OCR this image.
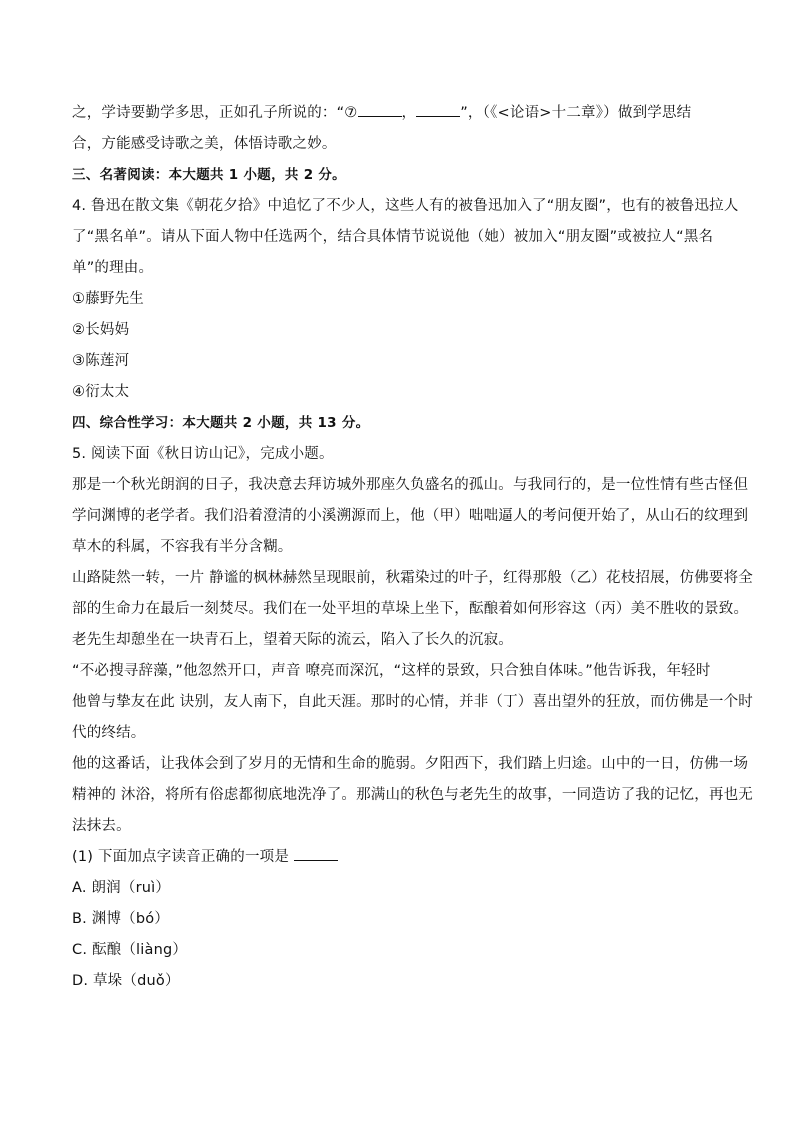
之，学诗要勤学多思，正如孔子所说的：“⑦	，	”，（《<论语>十二章》）做到学思结

合，方能感受诗歌之美，体悟诗歌之妙。

三、名著阅读：本大题共 1 小题，共 2 分。

4. 鲁迅在散文集《朝花夕拾》中追忆了不少人，这些人有的被鲁迅加入了“朋友圈”，也有的被鲁迅拉人

了“黑名单”。请从下面人物中任选两个，结合具体情节说说他（她）被加入“朋友圈”或被拉人“黑名

单”的理由。

①藤野先生

②长妈妈

③陈莲河

④衍太太

四、综合性学习：本大题共 2 小题，共 13 分。

5. 阅读下面《秋日访山记》，完成小题。

那是一个秋光朗润的日子，我决意去拜访城外那座久负盛名的孤山。与我同行的，是一位性情有些古怪但

学问渊博的老学者。我们沿着澄清的小溪溯源而上，他（甲）咄咄逼人的考问便开始了，从山石的纹理到

草木的科属，不容我有半分含糊。

山路陡然一转，一片 静谧的枫林赫然呈现眼前，秋霜染过的叶子，红得那般（乙）花枝招展，仿佛要将全

部的生命力在最后一刻焚尽。我们在一处平坦的草垛上坐下，酝酿着如何形容这（丙）美不胜收的景致。

老先生却憩坐在一块青石上，望着天际的流云，陷入了长久的沉寂。

“不必搜寻辞藻，”他忽然开口，声音 嘹亮而深沉，“这样的景致，只合独自体味。”他告诉我，年轻时

他曾与挚友在此 诀别，友人南下，自此天涯。那时的心情，并非（丁）喜出望外的狂放，而仿佛是一个时

代的终结。

他的这番话，让我体会到了岁月的无情和生命的脆弱。夕阳西下，我们踏上归途。山中的一日，仿佛一场

精神的 沐浴，将所有俗虑都彻底地洗净了。那满山的秋色与老先生的故事，一同造访了我的记忆，再也无

法抹去。

(1) 下面加点字读音正确的一项是

A. 朗润（ruì）

B. 渊博（bó）

C. 酝酿（liàng）

D. 草垛（duǒ）
